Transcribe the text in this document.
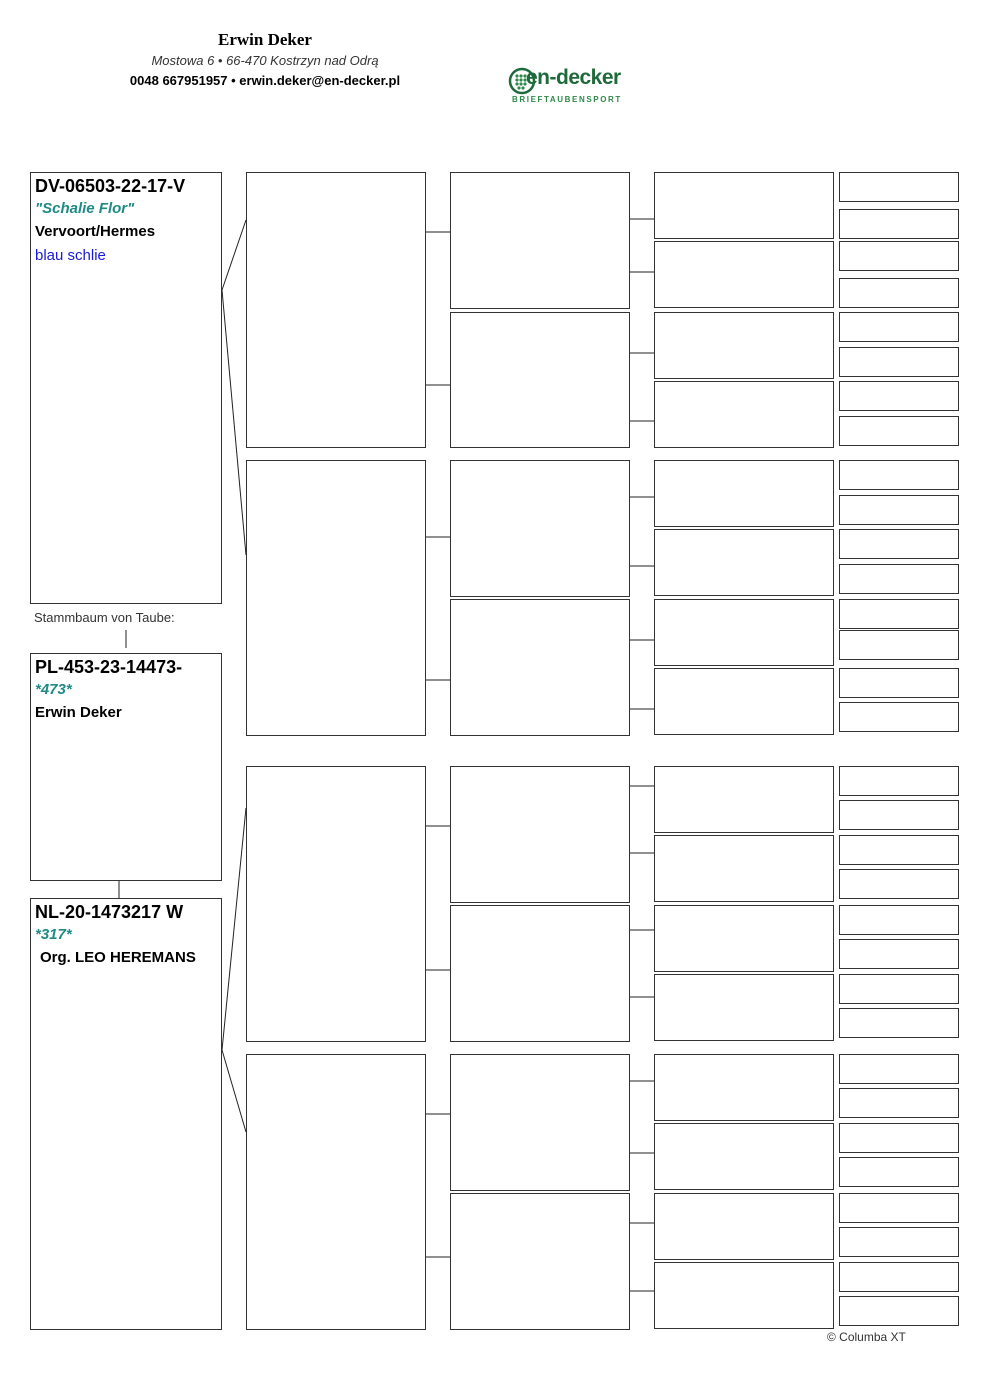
Erwin Deker
Mostowa 6 • 66-470 Kostrzyn nad Odrą
0048 667951957 • erwin.deker@en-decker.pl	en-decker
BRIEFTAUBENSPORT
DV-06503-22-17-V
"Schalie Flor"
Vervoort/Hermes
blau schlie
Stammbaum von Taube:
PL-453-23-14473-
*473*
Erwin Deker
NL-20-1473217 W
*317*
Org. LEO HEREMANS
© Columba XT
